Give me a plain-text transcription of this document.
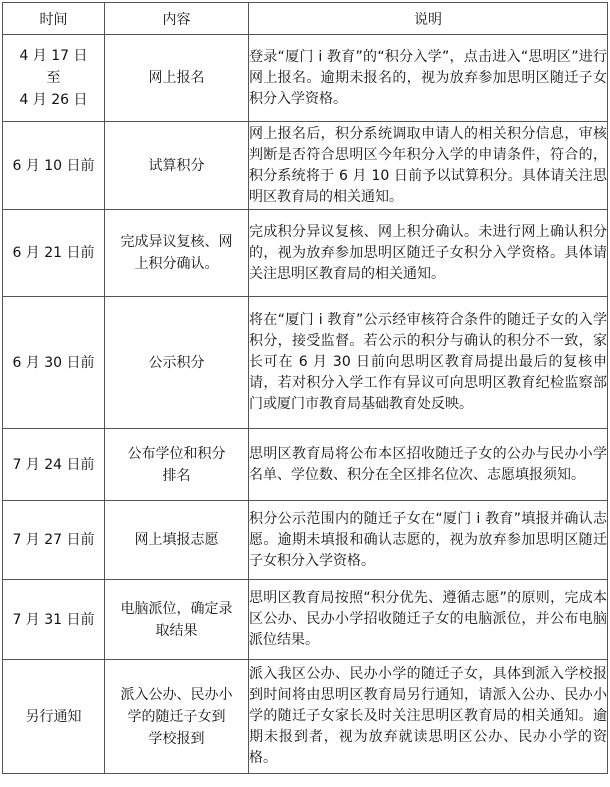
时间	内容	说明

4 月 17 日
至
4 月 26 日	网上报名	登录“厦门 i 教育”的“积分入学”，点击进入“思明区”进行网上报名。逾期未报名的，视为放弃参加思明区随迁子女积分入学资格。

6 月 10 日前	试算积分	网上报名后，积分系统调取申请人的相关积分信息，审核判断是否符合思明区今年积分入学的申请条件，符合的，积分系统将于 6 月 10 日前予以试算积分。具体请关注思明区教育局的相关通知。

6 月 21 日前	完成异议复核、网
上积分确认。	完成积分异议复核、网上积分确认。未进行网上确认积分的，视为放弃参加思明区随迁子女积分入学资格。具体请关注思明区教育局的相关通知。

6 月 30 日前	公示积分	将在“厦门 i 教育”公示经审核符合条件的随迁子女的入学积分，接受监督。若公示的积分与确认的积分不一致，家长可在 6 月 30 日前向思明区教育局提出最后的复核申请，若对积分入学工作有异议可向思明区教育纪检监察部门或厦门市教育局基础教育处反映。

7 月 24 日前	公布学位和积分
排名	思明区教育局将公布本区招收随迁子女的公办与民办小学名单、学位数、积分在全区排名位次、志愿填报须知。

7 月 27 日前	网上填报志愿	积分公示范围内的随迁子女在“厦门 i 教育”填报并确认志愿。逾期未填报和确认志愿的，视为放弃参加思明区随迁子女积分入学资格。

7 月 31 日前	电脑派位，确定录
取结果	思明区教育局按照“积分优先、遵循志愿”的原则，完成本区公办、民办小学招收随迁子女的电脑派位，并公布电脑派位结果。

另行通知	派入公办、民办小
学的随迁子女到
学校报到	派入我区公办、民办小学的随迁子女，具体到派入学校报到时间将由思明区教育局另行通知，请派入公办、民办小学的随迁子女家长及时关注思明区教育局的相关通知。逾期未报到者，视为放弃就读思明区公办、民办小学的资格。
